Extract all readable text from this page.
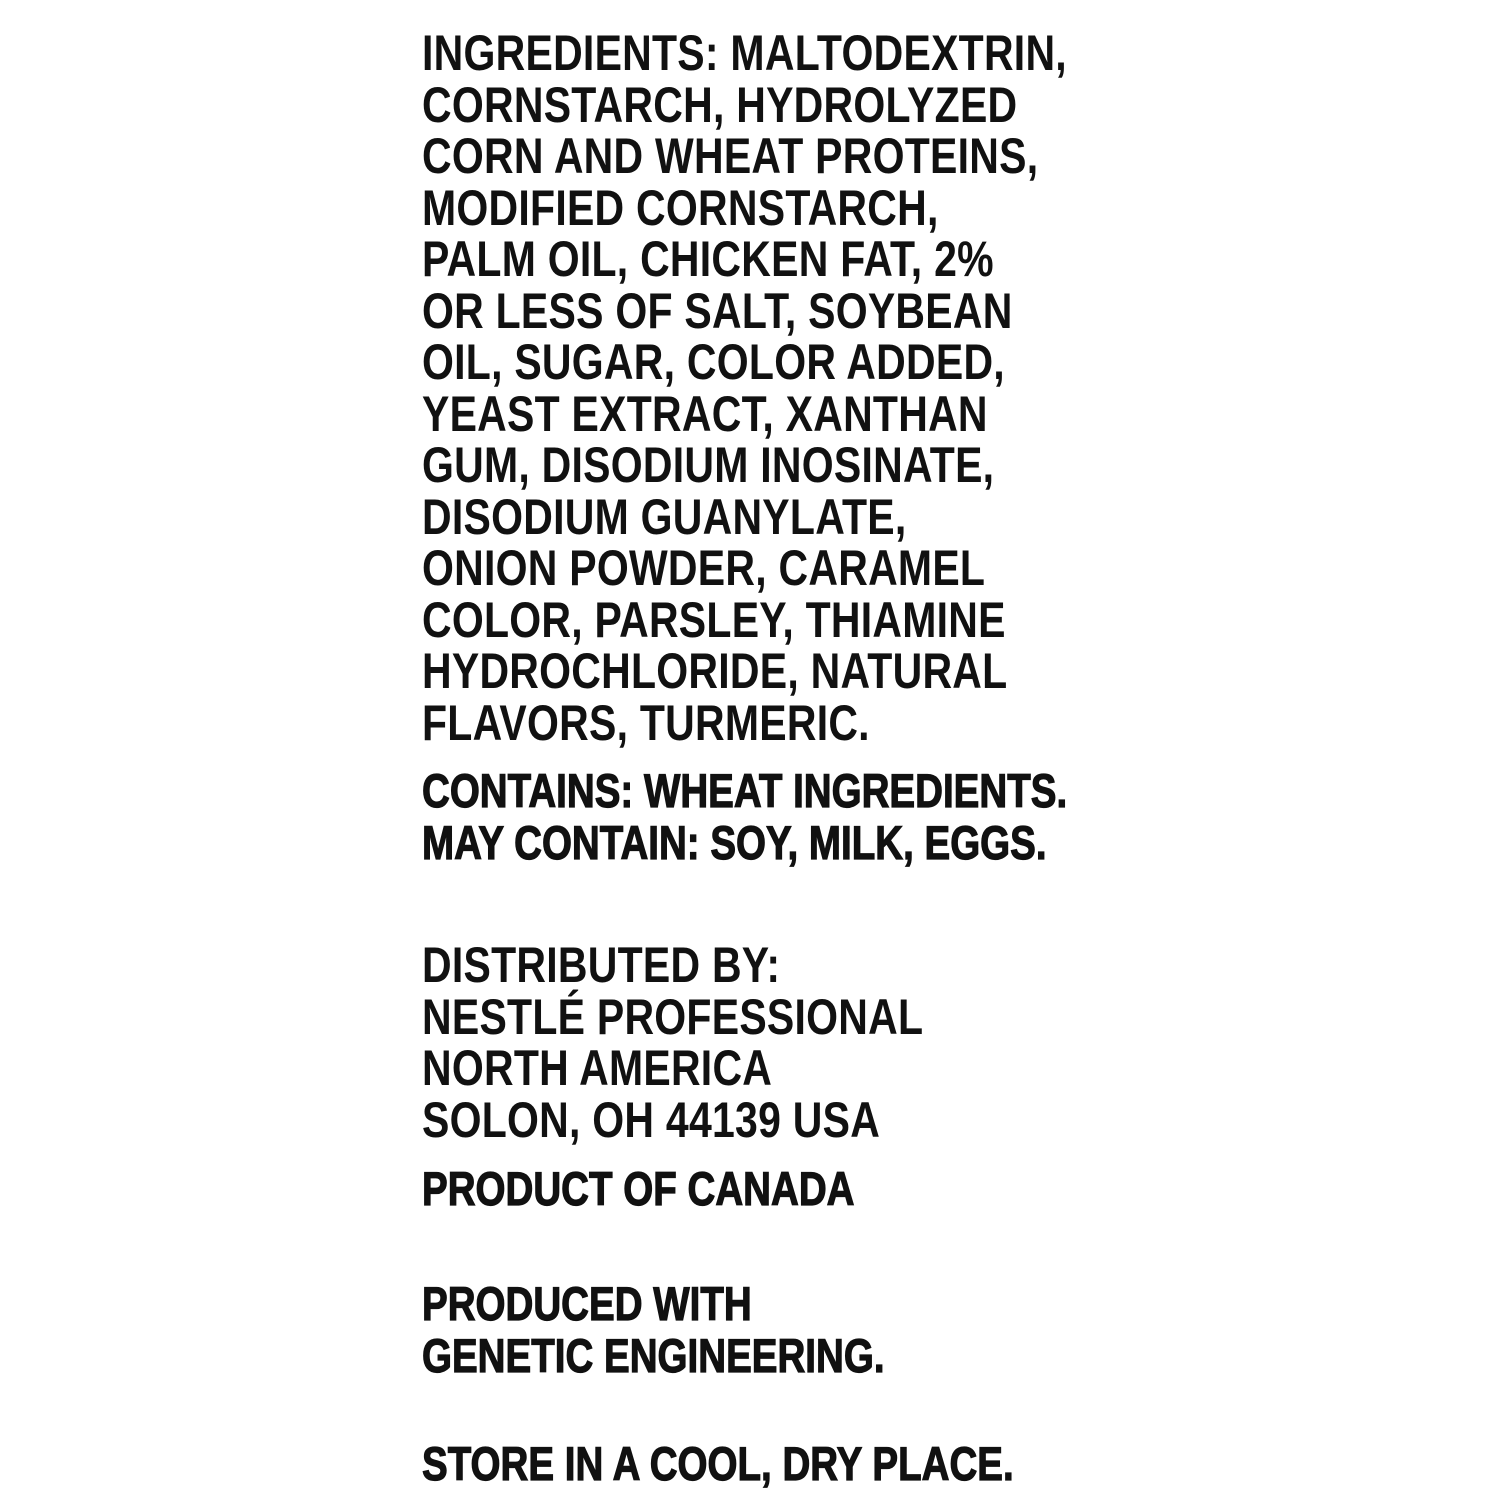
INGREDIENTS: MALTODEXTRIN,
CORNSTARCH, HYDROLYZED
CORN AND WHEAT PROTEINS,
MODIFIED CORNSTARCH,
PALM OIL, CHICKEN FAT, 2%
OR LESS OF SALT, SOYBEAN
OIL, SUGAR, COLOR ADDED,
YEAST EXTRACT, XANTHAN
GUM, DISODIUM INOSINATE,
DISODIUM GUANYLATE,
ONION POWDER, CARAMEL
COLOR, PARSLEY, THIAMINE
HYDROCHLORIDE, NATURAL
FLAVORS, TURMERIC.
CONTAINS: WHEAT INGREDIENTS.
MAY CONTAIN: SOY, MILK, EGGS.
DISTRIBUTED BY:
NESTLÉ PROFESSIONAL
NORTH AMERICA
SOLON, OH 44139 USA
PRODUCT OF CANADA
PRODUCED WITH
GENETIC ENGINEERING.
STORE IN A COOL, DRY PLACE.
